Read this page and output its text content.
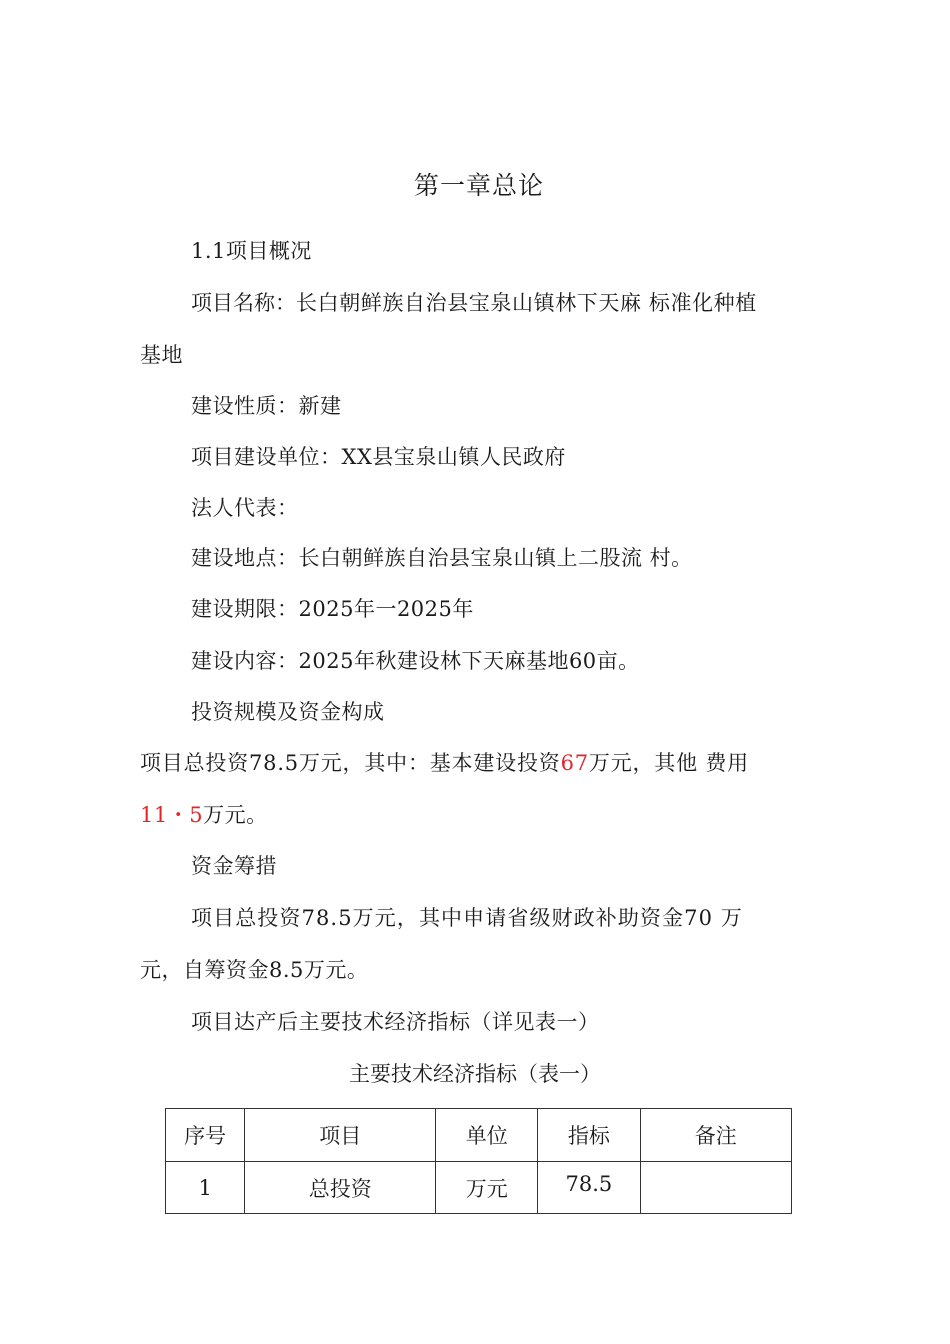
第一章总论
1.1项目概况
项目名称： 长白朝鲜族自治县宝泉山镇林下天麻 标准化种植
基地
建设性质：新建
项目建设单位：XX县宝泉山镇人民政府
法人代表：
建设地点：长白朝鲜族自治县宝泉山镇上二股流 村。
建设期限：2025年一2025年
建设内容：2025年秋建设林下天麻基地60亩。
投资规模及资金构成
项目总投资78.5万元，其中：基本建设投资67万元，其他 费用
11・5万元。
资金筹措
项目总投资78.5万元，其中申请省级财政补助资金70 万
元，自筹资金8.5万元。
项目达产后主要技术经济指标（详见表一）
主要技术经济指标（表一）
序号	项目	单位	指标	备注
1	总投资	万元	78.5	
